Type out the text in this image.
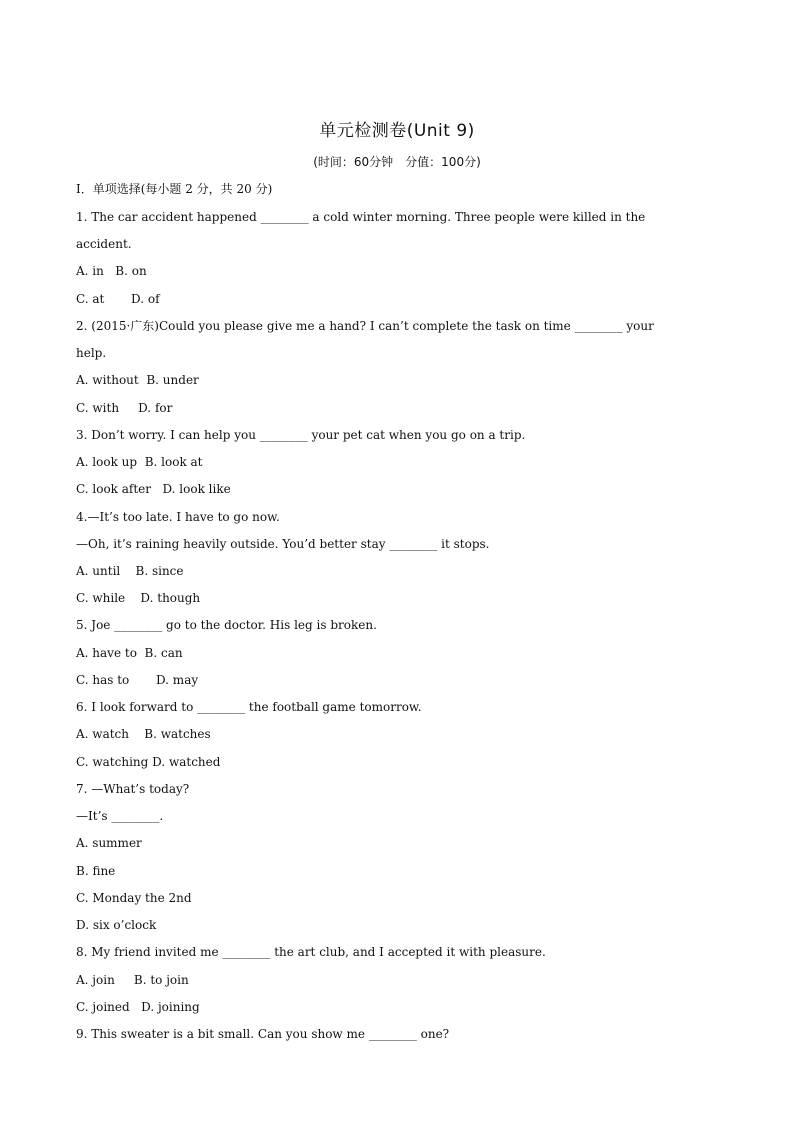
单元检测卷(Unit 9)
(时间：60分钟　分值：100分)
Ⅰ．单项选择(每小题 2 分，共 20 分)
1. The car accident happened ________ a cold winter morning. Three people were killed in the
accident.
A. in   B. on
C. at       D. of
2. (2015·广东)Could you please give me a hand? I can’t complete the task on time ________ your
help.
A. without  B. under
C. with     D. for
3. Don’t worry. I can help you ________ your pet cat when you go on a trip.
A. look up  B. look at
C. look after   D. look like
4.—It’s too late. I have to go now.
—Oh, it’s raining heavily outside. You’d better stay ________ it stops.
A. until    B. since
C. while    D. though
5. Joe ________ go to the doctor. His leg is broken.
A. have to  B. can
C. has to       D. may
6. I look forward to ________ the football game tomorrow.
A. watch    B. watches
C. watching D. watched
7. —What’s today?
—It’s ________.
A. summer
B. fine
C. Monday the 2nd
D. six o’clock
8. My friend invited me ________ the art club, and I accepted it with pleasure.
A. join     B. to join
C. joined   D. joining
9. This sweater is a bit small. Can you show me ________ one?
